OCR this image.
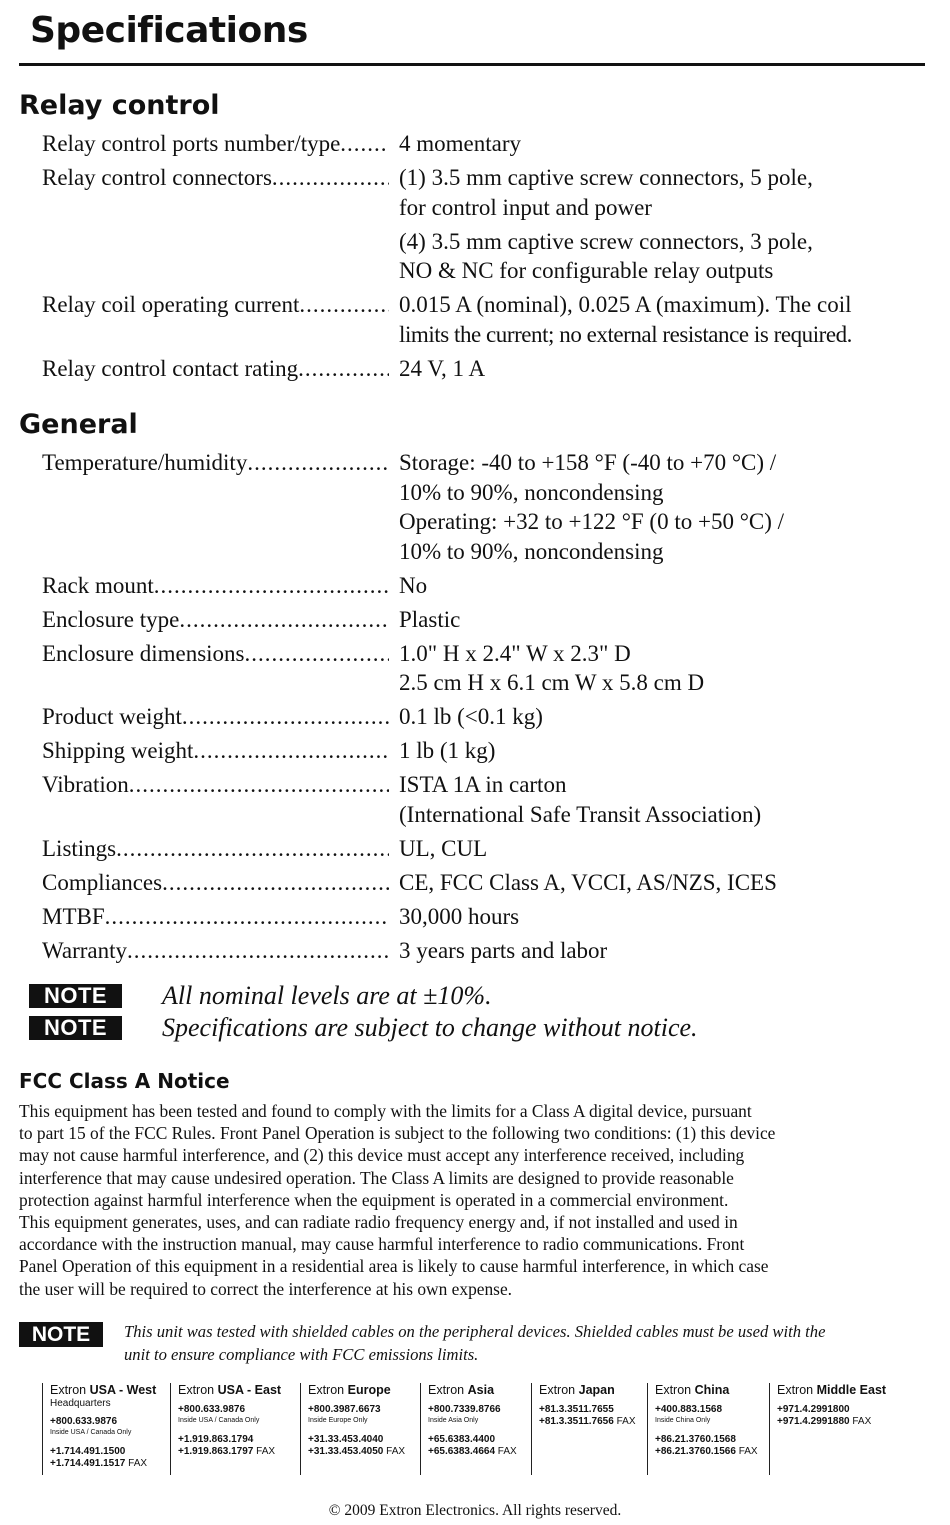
Specifications
Relay control
Relay control ports number/type .....	4 momentary
Relay control connectors .....	(1) 3.5 mm captive screw connectors, 5 pole,
for control input and power
(4) 3.5 mm captive screw connectors, 3 pole,
NO & NC for configurable relay outputs
Relay coil operating current .....	0.015 A (nominal), 0.025 A (maximum). The coil
limits the current; no external resistance is required.
Relay control contact rating .....	24 V, 1 A
General
Temperature/humidity .....	Storage: -40 to +158 °F (-40 to +70 °C) /
10% to 90%, noncondensing
Operating: +32 to +122 °F (0 to +50 °C) /
10% to 90%, noncondensing
Rack mount .....	No
Enclosure type .....	Plastic
Enclosure dimensions .....	1.0" H x 2.4" W x 2.3" D
2.5 cm H x 6.1 cm W x 5.8 cm D
Product weight .....	0.1 lb (<0.1 kg)
Shipping weight .....	1 lb (1 kg)
Vibration .....	ISTA 1A in carton
(International Safe Transit Association)
Listings .....	UL, CUL
Compliances .....	CE, FCC Class A, VCCI, AS/NZS, ICES
MTBF .....	30,000 hours
Warranty .....	3 years parts and labor
NOTE	All nominal levels are at ±10%.
NOTE	Specifications are subject to change without notice.
FCC Class A Notice
This equipment has been tested and found to comply with the limits for a Class A digital device, pursuant
to part 15 of the FCC Rules. Front Panel Operation is subject to the following two conditions: (1) this device
may not cause harmful interference, and (2) this device must accept any interference received, including
interference that may cause undesired operation. The Class A limits are designed to provide reasonable
protection against harmful interference when the equipment is operated in a commercial environment.
This equipment generates, uses, and can radiate radio frequency energy and, if not installed and used in
accordance with the instruction manual, may cause harmful interference to radio communications. Front
Panel Operation of this equipment in a residential area is likely to cause harmful interference, in which case
the user will be required to correct the interference at his own expense.
NOTE	This unit was tested with shielded cables on the peripheral devices. Shielded cables must be used with the
unit to ensure compliance with FCC emissions limits.
Extron USA - West
Headquarters
+800.633.9876
Inside USA / Canada Only
+1.714.491.1500
+1.714.491.1517 FAX
Extron USA - East
+800.633.9876
Inside USA / Canada Only
+1.919.863.1794
+1.919.863.1797 FAX
Extron Europe
+800.3987.6673
Inside Europe Only
+31.33.453.4040
+31.33.453.4050 FAX
Extron Asia
+800.7339.8766
Inside Asia Only
+65.6383.4400
+65.6383.4664 FAX
Extron Japan
+81.3.3511.7655
+81.3.3511.7656 FAX
Extron China
+400.883.1568
Inside China Only
+86.21.3760.1568
+86.21.3760.1566 FAX
Extron Middle East
+971.4.2991800
+971.4.2991880 FAX
© 2009 Extron Electronics. All rights reserved.
